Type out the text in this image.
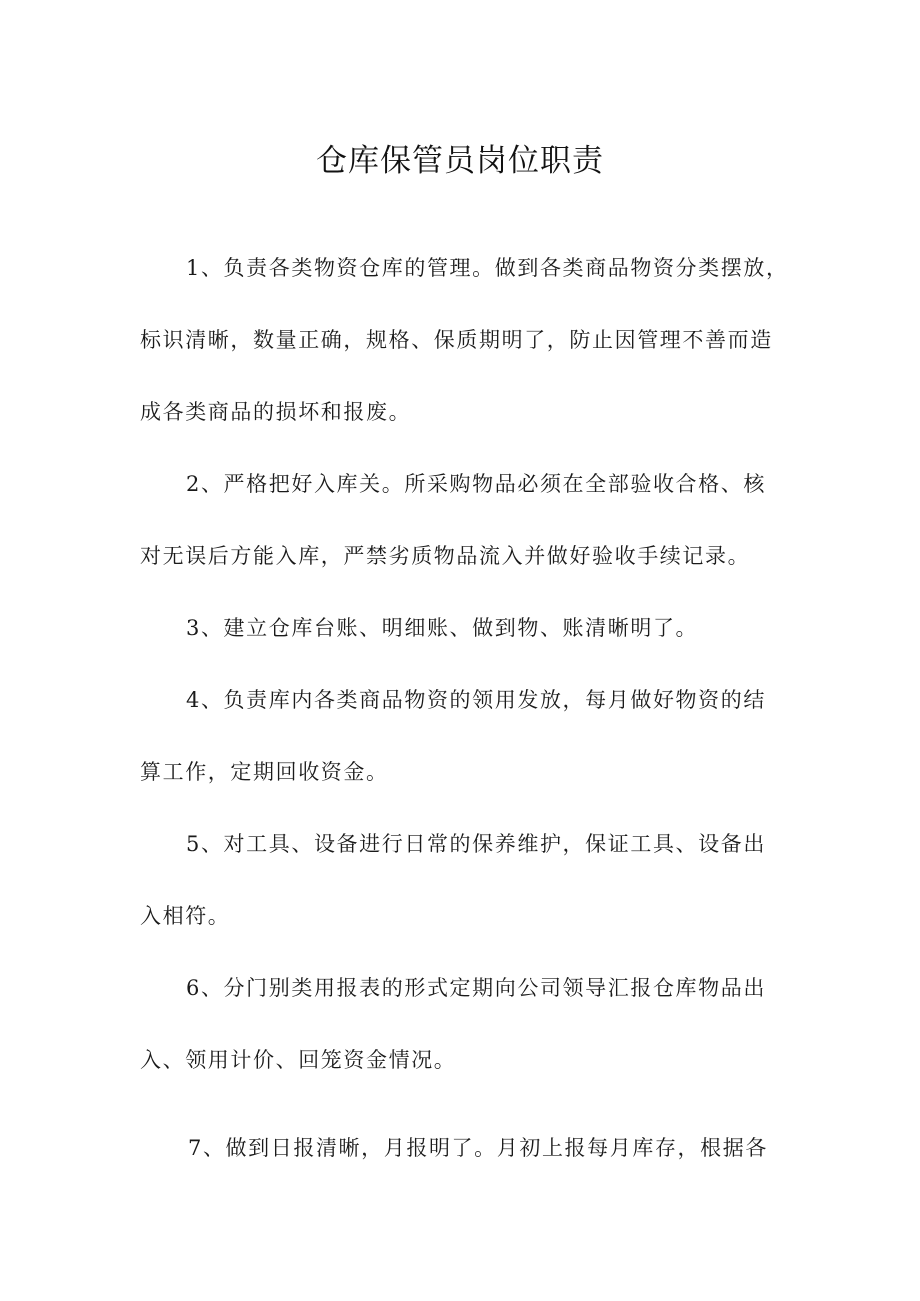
仓库保管员岗位职责
1、负责各类物资仓库的管理。做到各类商品物资分类摆放，
标识清晰，数量正确，规格、保质期明了，防止因管理不善而造
成各类商品的损坏和报废。
2、严格把好入库关。所采购物品必须在全部验收合格、核
对无误后方能入库，严禁劣质物品流入并做好验收手续记录。
3、建立仓库台账、明细账、做到物、账清晰明了。
4、负责库内各类商品物资的领用发放，每月做好物资的结
算工作，定期回收资金。
5、对工具、设备进行日常的保养维护，保证工具、设备出
入相符。
6、分门别类用报表的形式定期向公司领导汇报仓库物品出
入、领用计价、回笼资金情况。
7、做到日报清晰，月报明了。月初上报每月库存，根据各
